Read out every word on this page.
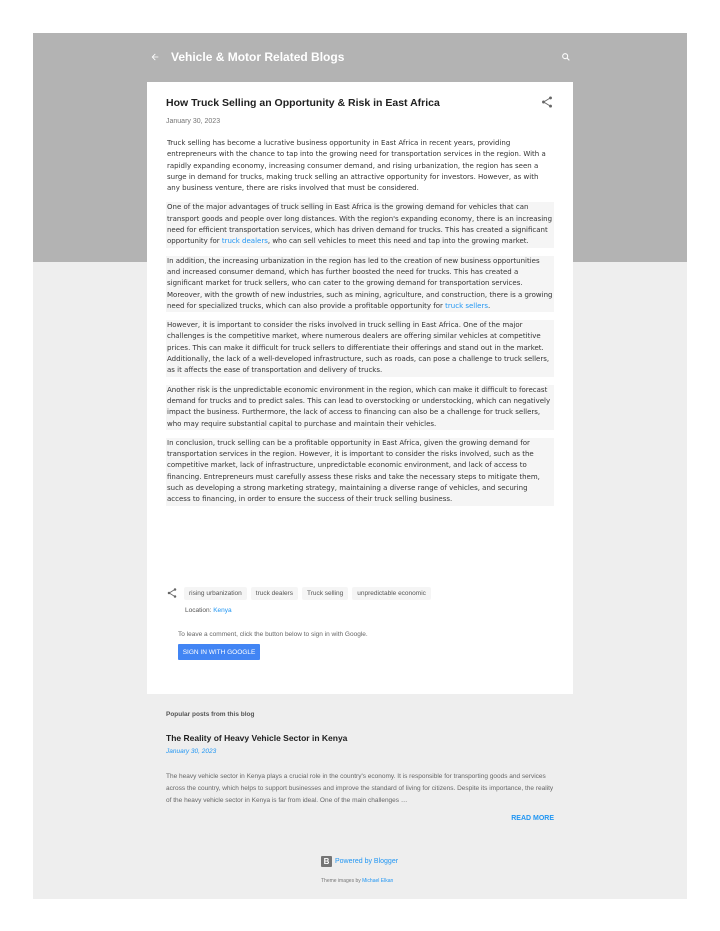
Vehicle & Motor Related Blogs
How Truck Selling an Opportunity & Risk in East Africa
January 30, 2023

Truck selling has become a lucrative business opportunity in East Africa in recent years, providing entrepreneurs with the chance to tap into the growing need for transportation services in the region. With a rapidly expanding economy, increasing consumer demand, and rising urbanization, the region has seen a surge in demand for trucks, making truck selling an attractive opportunity for investors. However, as with any business venture, there are risks involved that must be considered.

One of the major advantages of truck selling in East Africa is the growing demand for vehicles that can transport goods and people over long distances. With the region's expanding economy, there is an increasing need for efficient transportation services, which has driven demand for trucks. This has created a significant opportunity for truck dealers, who can sell vehicles to meet this need and tap into the growing market.

In addition, the increasing urbanization in the region has led to the creation of new business opportunities and increased consumer demand, which has further boosted the need for trucks. This has created a significant market for truck sellers, who can cater to the growing demand for transportation services. Moreover, with the growth of new industries, such as mining, agriculture, and construction, there is a growing need for specialized trucks, which can also provide a profitable opportunity for truck sellers.

However, it is important to consider the risks involved in truck selling in East Africa. One of the major challenges is the competitive market, where numerous dealers are offering similar vehicles at competitive prices. This can make it difficult for truck sellers to differentiate their offerings and stand out in the market. Additionally, the lack of a well-developed infrastructure, such as roads, can pose a challenge to truck sellers, as it affects the ease of transportation and delivery of trucks.

Another risk is the unpredictable economic environment in the region, which can make it difficult to forecast demand for trucks and to predict sales. This can lead to overstocking or understocking, which can negatively impact the business. Furthermore, the lack of access to financing can also be a challenge for truck sellers, who may require substantial capital to purchase and maintain their vehicles.

In conclusion, truck selling can be a profitable opportunity in East Africa, given the growing demand for transportation services in the region. However, it is important to consider the risks involved, such as the competitive market, lack of infrastructure, unpredictable economic environment, and lack of access to financing. Entrepreneurs must carefully assess these risks and take the necessary steps to mitigate them, such as developing a strong marketing strategy, maintaining a diverse range of vehicles, and securing access to financing, in order to ensure the success of their truck selling business.

rising urbanization	truck dealers	Truck selling	unpredictable economic
Location: Kenya
To leave a comment, click the button below to sign in with Google.
SIGN IN WITH GOOGLE
Popular posts from this blog
The Reality of Heavy Vehicle Sector in Kenya
January 30, 2023
The heavy vehicle sector in Kenya plays a crucial role in the country's economy. It is responsible for transporting goods and services across the country, which helps to support businesses and improve the standard of living for citizens. Despite its importance, the reality of the heavy vehicle sector in Kenya is far from ideal. One of the main challenges …
READ MORE
B Powered by Blogger
Theme images by Michael Elkan
